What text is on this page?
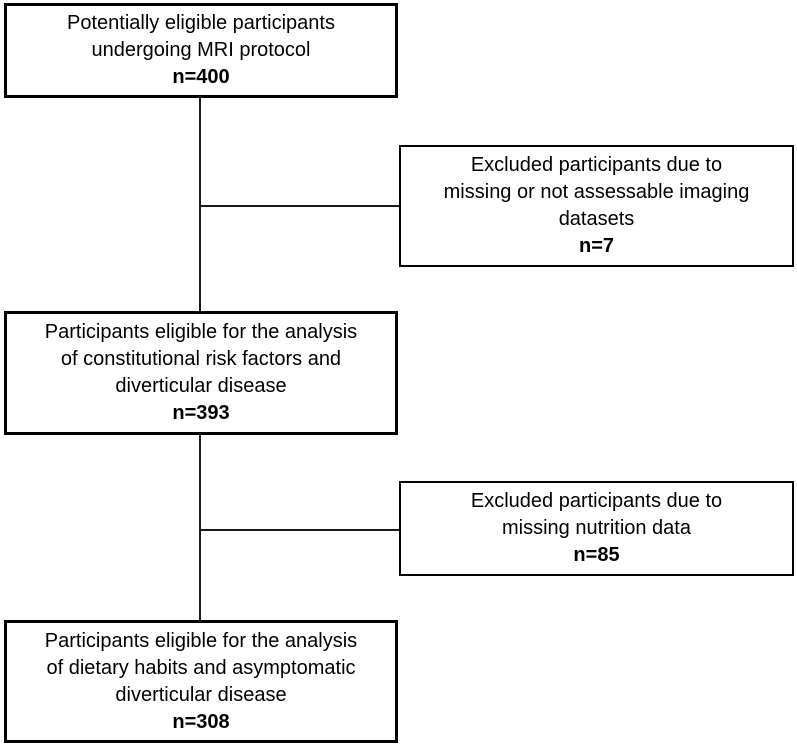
Potentially eligible participants
undergoing MRI protocol
n=400
Excluded participants due to
missing or not assessable imaging
datasets
n=7
Participants eligible for the analysis
of constitutional risk factors and
diverticular disease
n=393
Excluded participants due to
missing nutrition data
n=85
Participants eligible for the analysis
of dietary habits and asymptomatic
diverticular disease
n=308
